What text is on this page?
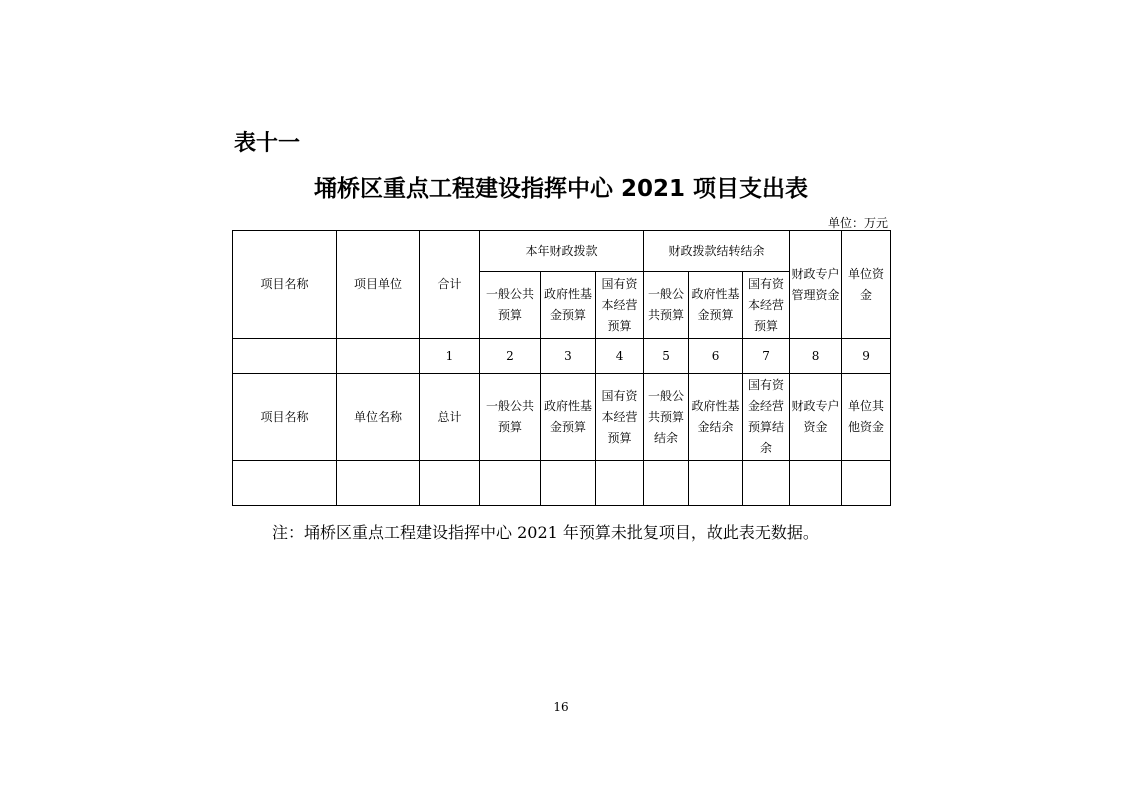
表十一
埇桥区重点工程建设指挥中心 2021 项目支出表
单位：万元
项目名称	项目单位	合计	本年财政拨款			财政拨款结转结余			财政专户管理资金	单位资金
			一般公共预算	政府性基金预算	国有资本经营预算	一般公共预算	政府性基金预算	国有资本经营预算		
		1	2	3	4	5	6	7	8	9
项目名称	单位名称	总计	一般公共预算	政府性基金预算	国有资本经营预算	一般公共预算结余	政府性基金结余	国有资金经营预算结余	财政专户资金	单位其他资金

注：埇桥区重点工程建设指挥中心 2021 年预算未批复项目，故此表无数据。
16
